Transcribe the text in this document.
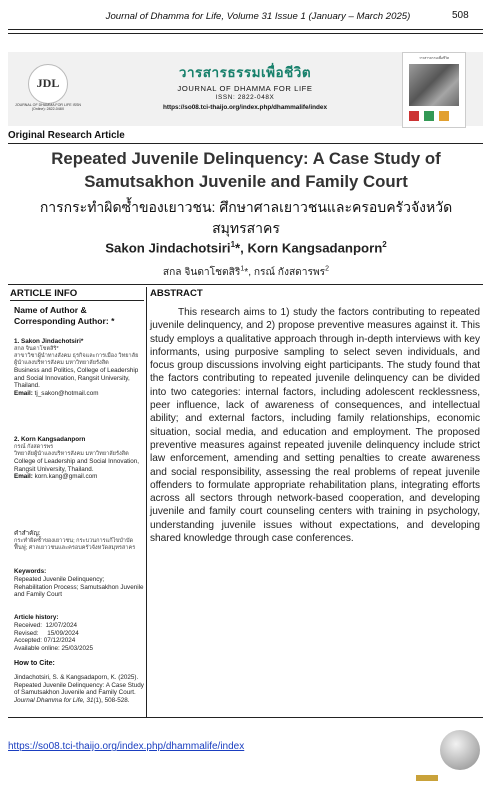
Journal of Dhamma for Life, Volume 31 Issue 1 (January – March 2025)	508
JDL
JOURNAL OF DHAMMA FOR LIFE ISSN (Online): 2822-048X
วารสารธรรมเพื่อชีวิต
JOURNAL OF DHAMMA FOR LIFE
ISSN: 2822-048X
https://so08.tci-thaijo.org/index.php/dhammalife/index
วารสารธรรมเพื่อชีวิต
Original Research Article
Repeated Juvenile Delinquency: A Case Study of Samutsakhon Juvenile and Family Court
การกระทำผิดซ้ำของเยาวชน: ศึกษาศาลเยาวชนและครอบครัวจังหวัดสมุทรสาคร
Sakon Jindachotsiri$^1$*, Korn Kangsadanporn$^2$
สกล จินดาโชตสิริ$^1$*, กรณ์ กังสดารพร$^2$
ARTICLE INFO	ABSTRACT
Name of Author & Corresponding Author: *
1. Sakon Jindachotsiri*
สกล จินดาโชตสิริ*
สาขาวิชาผู้นำทางสังคม ธุรกิจและการเมือง วิทยาลัยผู้นำแลงบริหารสังคม มหาวิทยาลัยรังสิต
Business and Politics, College of Leadership and Social Innovation, Rangsit University, Thailand.
Email: tj_sakon@hotmail.com
2. Korn Kangsadanporn
กรณ์ กังสดารพร
วิทยาลัยผู้นำแลงบริหารสังคม มหาวิทยาลัยรังสิต
College of Leadership and Social Innovation, Rangsit University, Thailand.
Email: korn.kang@gmail.com
คำสำคัญ:
กระทำผิดซ้ำของเยาวชน; กระบวนการแก้ไขบำบัดฟื้นฟู; ศาลเยาวชนและครอบครัวจังหวัดสมุทรสาคร
Keywords:
Repeated Juvenile Delinquency; Rehabilitation Process; Samutsakhon Juvenile and Family Court
Article history:
Received:  12/07/2024
Revised:     15/09/2024
Accepted: 07/12/2024
Available online: 25/03/2025
How to Cite:
Jindachotsiri, S. & Kangsadaporn, K. (2025). Repeated Juvenile Delinquency: A Case Study of Samutsakhon Juvenile and Family Court. Journal Dhamma for Life, 31(1), 508-528.
This research aims to 1) study the factors contributing to repeated juvenile delinquency, and 2) propose preventive measures against it. This study employs a qualitative approach through in-depth interviews with key informants, using purposive sampling to select seven individuals, and focus group discussions involving eight participants. The study found that the factors contributing to repeated juvenile delinquency can be divided into two categories: internal factors, including adolescent recklessness, peer influence, lack of awareness of consequences, and intellectual ability; and external factors, including family relationships, economic situation, social media, and education and employment. The proposed preventive measures against repeated juvenile delinquency include strict law enforcement, amending and setting penalties to create awareness and social responsibility, assessing the real problems of repeat juvenile offenders to formulate appropriate rehabilitation plans, integrating efforts across all sectors through network-based cooperation, and developing juvenile and family court counseling centers with training in psychology, understanding juvenile issues without expectations, and developing shared knowledge through case conferences.
https://so08.tci-thaijo.org/index.php/dhammalife/index
